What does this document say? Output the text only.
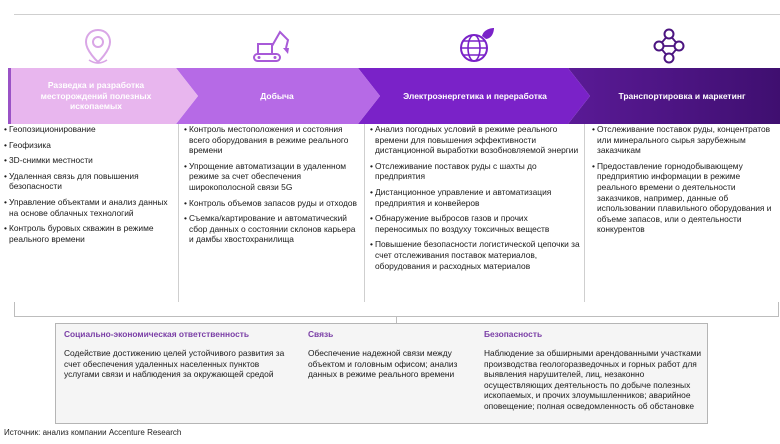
Разведка и разработка
месторождений полезных
ископаемых
Добыча	Электроэнергетика и переработка	Транспортировка и маркетинг
• Геопозиционирование
• Геофизика
• 3D-снимки местности
• Удаленная связь для повышения безопасности
• Управление объектами и анализ данных на основе облачных технологий
• Контроль буровых скважин в режиме реального времени
• Контроль местоположения и состояния всего оборудования в режиме реального времени
• Упрощение автоматизации в удаленном режиме за счет обеспечения широкополосной связи 5G
• Контроль объемов запасов руды и отходов
• Съемка/картирование и автоматический сбор данных о состоянии склонов карьера и дамбы хвостохранилища
• Анализ погодных условий в режиме реального времени для повышения эффективности дистанционной выработки возобновляемой энергии
• Отслеживание поставок руды с шахты до предприятия
• Дистанционное управление и автоматизация предприятия и конвейеров
• Обнаружение выбросов газов и прочих переносимых по воздуху токсичных веществ
• Повышение безопасности логистической цепочки за счет отслеживания поставок материалов, оборудования и расходных материалов
• Отслеживание поставок руды, концентратов или минерального сырья зарубежным заказчикам
• Предоставление горнодобывающему предприятию информации в режиме реального времени о деятельности заказчиков, например, данные об использовании плавильного оборудования и объеме запасов, или о деятельности конкурентов
Социально-экономическая ответственность
Содействие достижению целей устойчивого развития за счет обеспечения удаленных населенных пунктов услугами связи и наблюдения за окружающей средой
Связь
Обеспечение надежной связи между объектом и головным офисом; анализ данных в режиме реального времени
Безопасность
Наблюдение за обширными арендованными участками производства геологоразведочных и горных работ для выявления нарушителей, лиц, незаконно осуществляющих деятельность по добыче полезных ископаемых, и прочих злоумышленников; аварийное оповещение; полная осведомленность об обстановке
Источник: анализ компании Accenture Research
